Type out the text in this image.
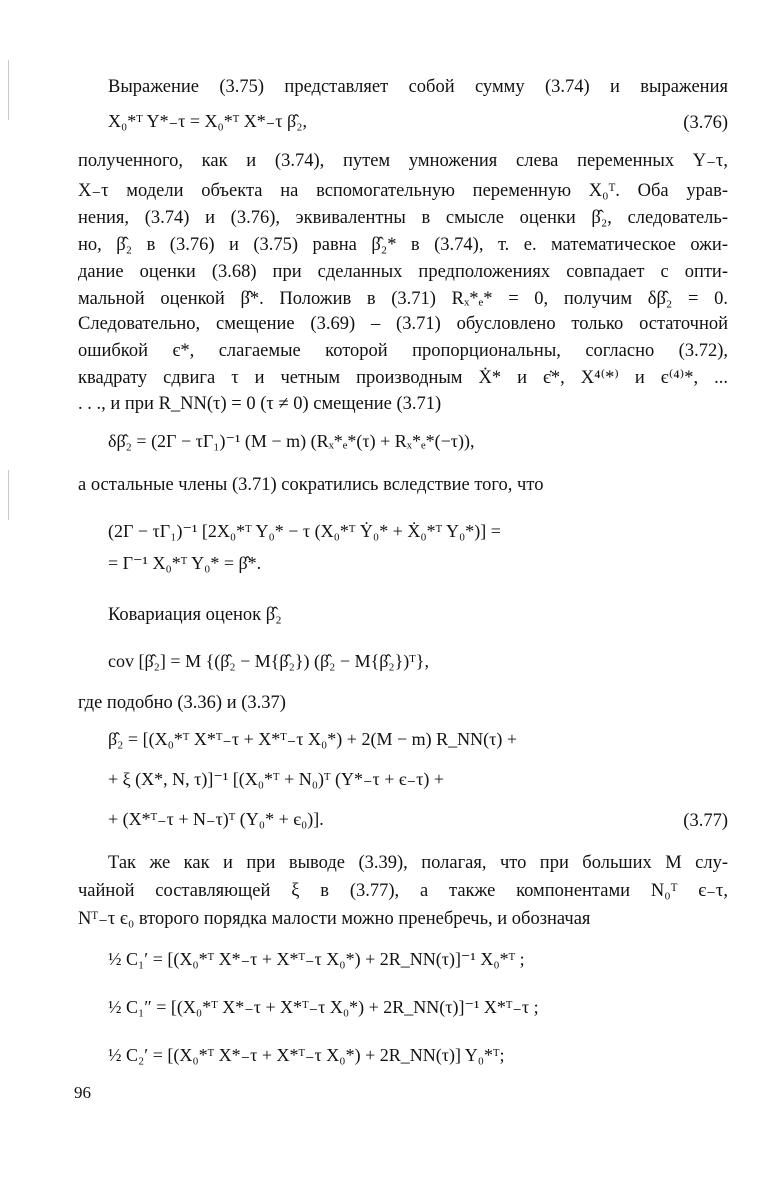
Выражение (3.75) представляет собой сумму (3.74) и выражения
X₀*ᵀ Y*₋τ = X₀*ᵀ X*₋τ β̂₂,	(3.76)
полученного, как и (3.74), путем умножения слева переменных Y₋τ,
X₋τ модели объекта на вспомогательную переменную X₀ᵀ. Оба урав-
нения, (3.74) и (3.76), эквивалентны в смысле оценки β̂₂, следователь-
но, β̂₂ в (3.76) и (3.75) равна β̂₂* в (3.74), т. е. математическое ожи-
дание оценки (3.68) при сделанных предположениях совпадает с опти-
мальной оценкой β̂*. Положив в (3.71) Rₓ*ₑ* = 0, получим δβ̂₂ = 0.
Следовательно, смещение (3.69) – (3.71) обусловлено только остаточной
ошибкой є*, слагаемые которой пропорциональны, согласно (3.72),
квадрату сдвига τ и четным производным Ẋ* и є̇*, X⁴⁽*⁾ и є⁽⁴⁾*, ...
. . ., и при R_NN(τ) = 0 (τ ≠ 0) смещение (3.71)
δβ̂₂ = (2Γ − τΓ₁)⁻¹ (M − m) (Rₓ*ₑ*(τ) + Rₓ*ₑ*(−τ)),
а остальные члены (3.71) сократились вследствие того, что
(2Γ − τΓ₁)⁻¹ [2X₀*ᵀ Y₀* − τ (X₀*ᵀ Ẏ₀* + Ẋ₀*ᵀ Y₀*)] =
= Γ⁻¹ X₀*ᵀ Y₀* = β̂*.
Ковариация оценок β̂₂
cov [β̂₂] = M {(β̂₂ − M{β̂₂}) (β̂₂ − M{β̂₂})ᵀ},
где подобно (3.36) и (3.37)
β̂₂ = [(X₀*ᵀ X*ᵀ₋τ + X*ᵀ₋τ X₀*) + 2(M − m) R_NN(τ) +
+ ξ (X*, N, τ)]⁻¹ [(X₀*ᵀ + N₀)ᵀ (Y*₋τ + є₋τ) +
+ (X*ᵀ₋τ + N₋τ)ᵀ (Y₀* + є₀)].	(3.77)
Так же как и при выводе (3.39), полагая, что при больших M слу-
чайной составляющей ξ в (3.77), а также компонентами N₀ᵀ є₋τ,
Nᵀ₋τ є₀ второго порядка малости можно пренебречь, и обозначая
½ C₁′ = [(X₀*ᵀ X*₋τ + X*ᵀ₋τ X₀*) + 2R_NN(τ)]⁻¹ X₀*ᵀ ;
½ C₁″ = [(X₀*ᵀ X*₋τ + X*ᵀ₋τ X₀*) + 2R_NN(τ)]⁻¹ X*ᵀ₋τ ;
½ C₂′ = [(X₀*ᵀ X*₋τ + X*ᵀ₋τ X₀*) + 2R_NN(τ)] Y₀*ᵀ;
96
